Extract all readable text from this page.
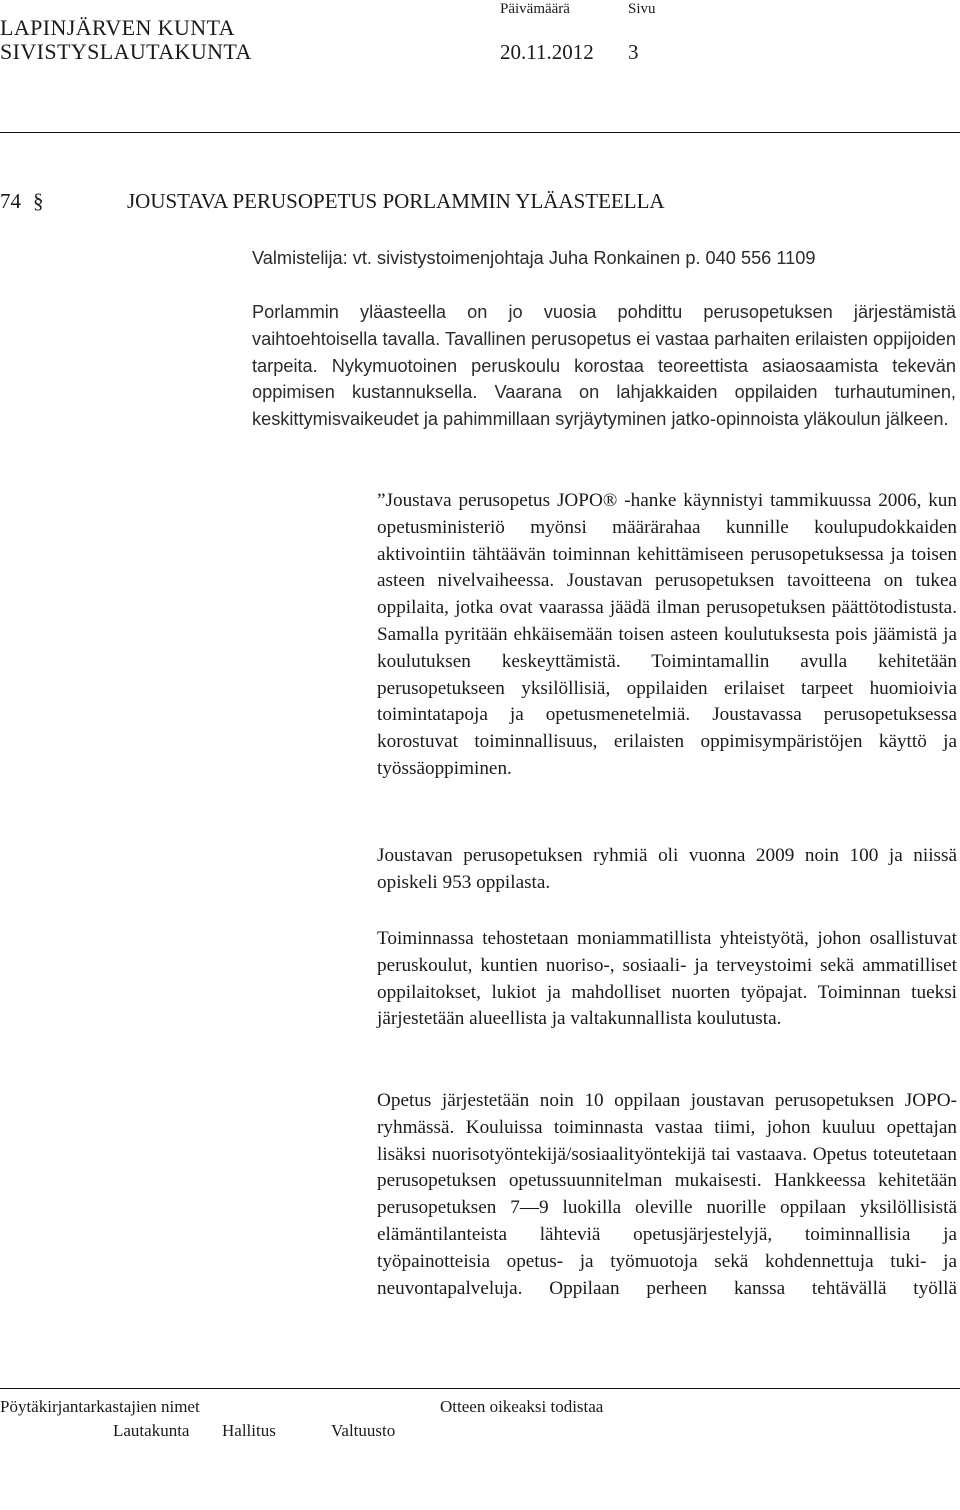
LAPINJÄRVEN KUNTA
SIVISTYSLAUTAKUNTA
Päivämäärä	Sivu
20.11.2012 3
74 §	JOUSTAVA PERUSOPETUS PORLAMMIN YLÄASTEELLA
Valmistelija: vt. sivistystoimenjohtaja Juha Ronkainen p. 040 556 1109

Porlammin yläasteella on jo vuosia pohdittu perusopetuksen järjestämistä vaihtoehtoisella tavalla. Tavallinen perusopetus ei vastaa parhaiten erilaisten oppijoiden tarpeita. Nykymuotoinen peruskoulu korostaa teoreettista asiaosaamista tekevän oppimisen kustannuksella. Vaarana on lahjakkaiden oppilaiden turhautuminen, keskittymisvaikeudet ja pahimmillaan syrjäytyminen jatko-opinnoista yläkoulun jälkeen.

”Joustava perusopetus JOPO® -hanke käynnistyi tammikuussa 2006, kun opetusministeriö myönsi määrärahaa kunnille koulupudokkaiden aktivointiin tähtäävän toiminnan kehittämiseen perusopetuksessa ja toisen asteen nivelvaiheessa. Joustavan perusopetuksen tavoitteena on tukea oppilaita, jotka ovat vaarassa jäädä ilman perusopetuksen päättötodistusta. Samalla pyritään ehkäisemään toisen asteen koulutuksesta pois jäämistä ja koulutuksen keskeyttämistä. Toimintamallin avulla kehitetään perusopetukseen yksilöllisiä, oppilaiden erilaiset tarpeet huomioivia toimintatapoja ja opetusmenetelmiä. Joustavassa perusopetuksessa korostuvat toiminnallisuus, erilaisten oppimisympäristöjen käyttö ja työssäoppiminen.

Joustavan perusopetuksen ryhmiä oli vuonna 2009 noin 100 ja niissä opiskeli 953 oppilasta.

Toiminnassa tehostetaan moniammatillista yhteistyötä, johon osallistuvat peruskoulut, kuntien nuoriso-, sosiaali- ja terveystoimi sekä ammatilliset oppilaitokset, lukiot ja mahdolliset nuorten työpajat. Toiminnan tueksi järjestetään alueellista ja valtakunnallista koulutusta.

Opetus järjestetään noin 10 oppilaan joustavan perusopetuksen JOPO-ryhmässä. Kouluissa toiminnasta vastaa tiimi, johon kuuluu opettajan lisäksi nuorisotyöntekijä/sosiaalityöntekijä tai vastaava. Opetus toteutetaan perusopetuksen opetussuunnitelman mukaisesti. Hankkeessa kehitetään perusopetuksen 7—9 luokilla oleville nuorille oppilaan yksilöllisistä elämäntilanteista lähteviä opetusjärjestelyjä, toiminnallisia ja työpainotteisia opetus- ja työmuotoja sekä kohdennettuja tuki- ja neuvontapalveluja. Oppilaan perheen kanssa tehtävällä työllä

Pöytäkirjantarkastajien nimet	Otteen oikeaksi todistaa
Lautakunta Hallitus	Valtuusto
